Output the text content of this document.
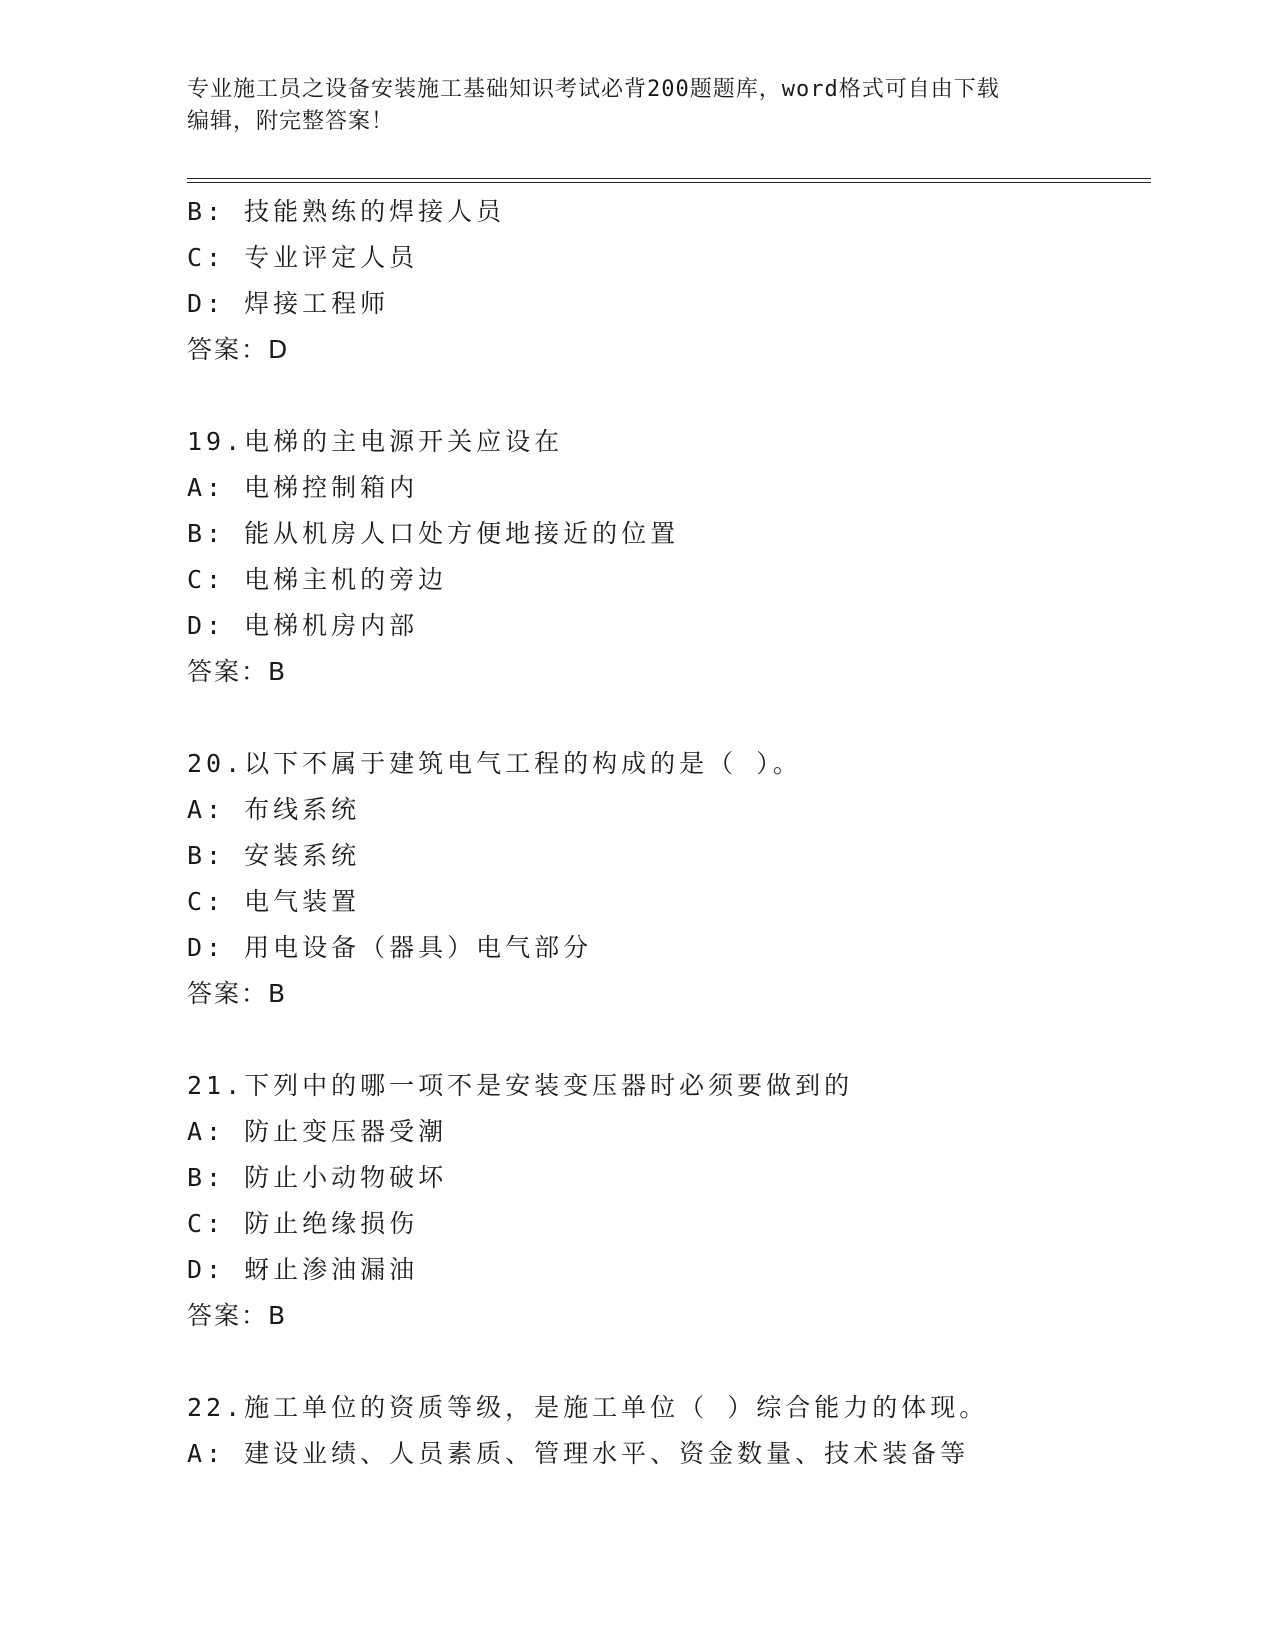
专业施工员之设备安装施工基础知识考试必背200题题库，word格式可自由下载
编辑，附完整答案！
B: 技能熟练的焊接人员
C: 专业评定人员
D: 焊接工程师
答案：D
19.电梯的主电源开关应设在
A: 电梯控制箱内
B: 能从机房人口处方便地接近的位置
C: 电梯主机的旁边
D: 电梯机房内部
答案：B
20.以下不属于建筑电气工程的构成的是（ ）。
A: 布线系统
B: 安装系统
C: 电气装置
D: 用电设备（器具）电气部分
答案：B
21.下列中的哪一项不是安装变压器时必须要做到的
A: 防止变压器受潮
B: 防止小动物破坏
C: 防止绝缘损伤
D: 蚜止渗油漏油
答案：B
22.施工单位的资质等级，是施工单位（ ）综合能力的体现。
A: 建设业绩、人员素质、管理水平、资金数量、技术装备等
